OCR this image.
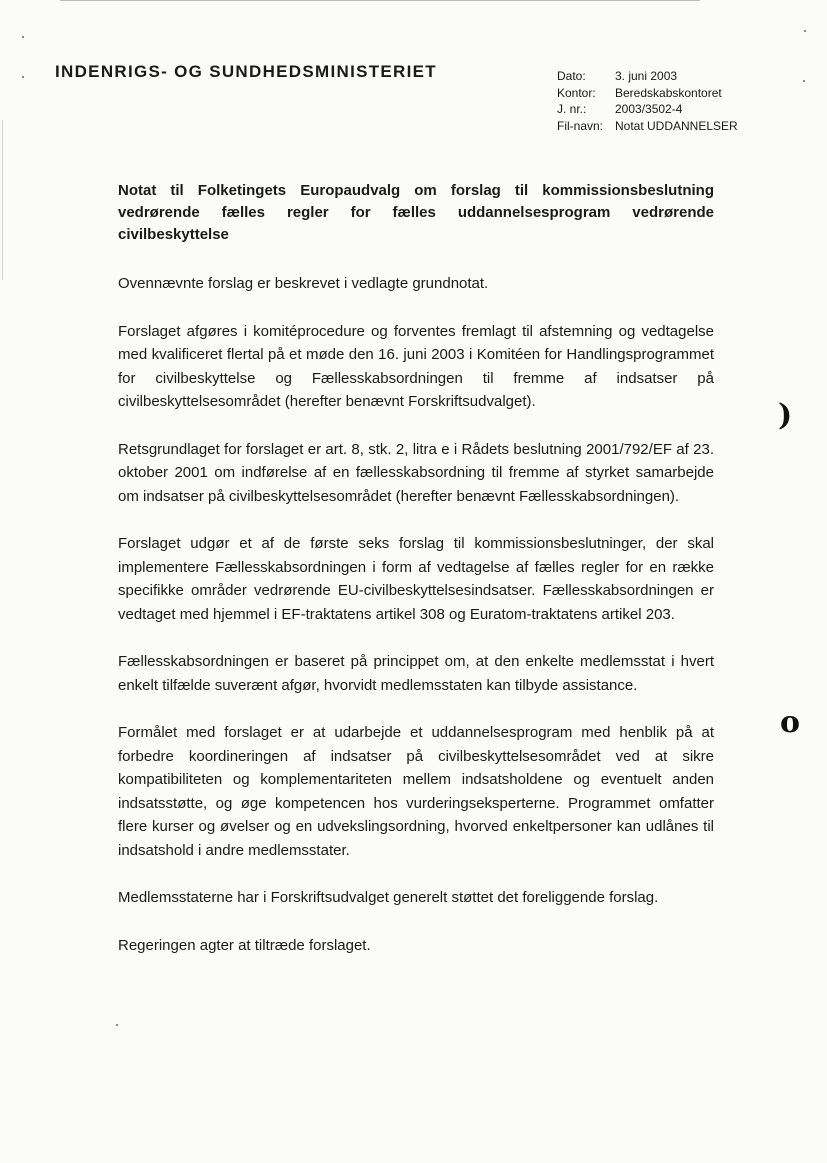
INDENRIGS- OG SUNDHEDSMINISTERIET	Dato:	3. juni 2003
Kontor:	Beredskabskontoret
J. nr.:	2003/3502-4
Fil-navn: Notat UDDANNELSER
Notat til Folketingets Europaudvalg om forslag til kommissionsbeslutning vedrørende fælles regler for fælles uddannelsesprogram vedrørende civilbeskyttelse

Ovennævnte forslag er beskrevet i vedlagte grundnotat.

Forslaget afgøres i komitéprocedure og forventes fremlagt til afstemning og vedtagelse med kvalificeret flertal på et møde den 16. juni 2003 i Komitéen for Handlingsprogrammet for civilbeskyttelse og Fællesskabsordningen til fremme af indsatser på civilbeskyttelsesområdet (herefter benævnt Forskriftsudvalget).

Retsgrundlaget for forslaget er art. 8, stk. 2, litra e i Rådets beslutning 2001/792/EF af 23. oktober 2001 om indførelse af en fællesskabsordning til fremme af styrket samarbejde om indsatser på civilbeskyttelsesområdet (herefter benævnt Fællesskabsordningen).

Forslaget udgør et af de første seks forslag til kommissionsbeslutninger, der skal implementere Fællesskabsordningen i form af vedtagelse af fælles regler for en række specifikke områder vedrørende EU-civilbeskyttelsesindsatser. Fællesskabsordningen er vedtaget med hjemmel i EF-traktatens artikel 308 og Euratom-traktatens artikel 203.

Fællesskabsordningen er baseret på princippet om, at den enkelte medlemsstat i hvert enkelt tilfælde suverænt afgør, hvorvidt medlemsstaten kan tilbyde assistance.

Formålet med forslaget er at udarbejde et uddannelsesprogram med henblik på at forbedre koordineringen af indsatser på civilbeskyttelsesområdet ved at sikre kompatibiliteten og komplementariteten mellem indsatsholdene og eventuelt anden indsatsstøtte, og øge kompetencen hos vurderingseksperterne. Programmet omfatter flere kurser og øvelser og en udvekslingsordning, hvorved enkeltpersoner kan udlånes til indsatshold i andre medlemsstater.

Medlemsstaterne har i Forskriftsudvalget generelt støttet det foreliggende forslag.

Regeringen agter at tiltræde forslaget.

)
o
